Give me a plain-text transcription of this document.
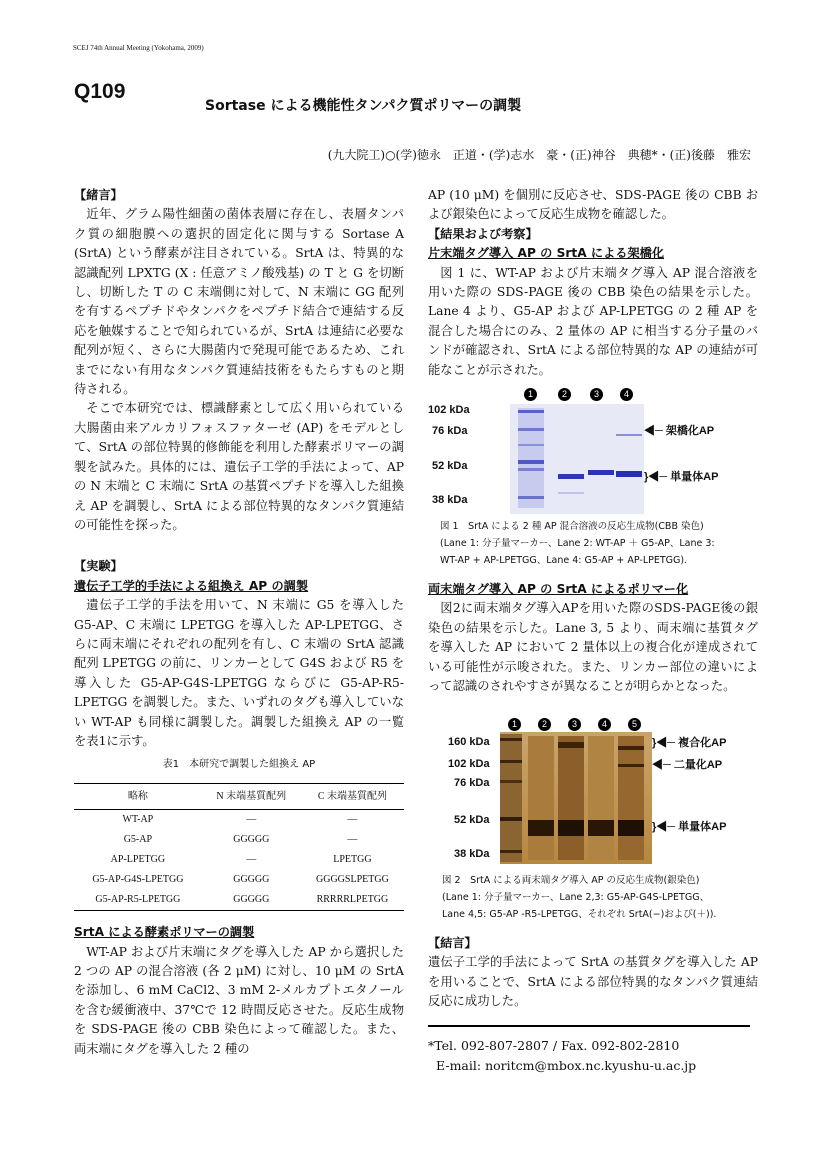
SCEJ 74th Annual Meeting (Yokohama, 2009)
Q109
Sortase による機能性タンパク質ポリマーの調製
(九大院工)○(学)徳永　正道・(学)志水　豪・(正)神谷　典穂*・(正)後藤　雅宏

【緒言】

近年、グラム陽性細菌の菌体表層に存在し、表層タンパク質の細胞膜への選択的固定化に関与する Sortase A (SrtA) という酵素が注目されている。SrtA は、特異的な認識配列 LPXTG (X : 任意アミノ酸残基) の T と G を切断し、切断した T の C 末端側に対して、N 末端に GG 配列を有するペプチドやタンパクをペプチド結合で連結する反応を触媒することで知られているが、SrtA は連結に必要な配列が短く、さらに大腸菌内で発現可能であるため、これまでにない有用なタンパク質連結技術をもたらすものと期待される。

そこで本研究では、標識酵素として広く用いられている大腸菌由来アルカリフォスファターゼ (AP) をモデルとして、SrtA の部位特異的修飾能を利用した酵素ポリマーの調製を試みた。具体的には、遺伝子工学的手法によって、AP の N 末端と C 末端に SrtA の基質ペプチドを導入した組換え AP を調製し、SrtA による部位特異的なタンパク質連結の可能性を探った。

【実験】

遺伝子工学的手法による組換え AP の調製

遺伝子工学的手法を用いて、N 末端に G5 を導入した G5-AP、C 末端に LPETGG を導入した AP-LPETGG、さらに両末端にそれぞれの配列を有し、C 末端の SrtA 認識配列 LPETGG の前に、リンカーとして G4S および R5 を導入した G5-AP-G4S-LPETGG ならびに G5-AP-R5-LPETGG を調製した。また、いずれのタグも導入していない WT-AP も同様に調製した。調製した組換え AP の一覧を表1に示す。

表1　本研究で調製した組換え AP
略称	N 末端基質配列	C 末端基質配列
WT-AP	—	—
G5-AP	GGGGG	—
AP-LPETGG	—	LPETGG
G5-AP-G4S-LPETGG	GGGGG	GGGGSLPETGG
G5-AP-R5-LPETGG	GGGGG	RRRRRLPETGG

SrtA による酵素ポリマーの調製

WT-AP および片末端にタグを導入した AP から選択した 2 つの AP の混合溶液 (各 2 μM) に対し、10 μM の SrtA を添加し、6 mM CaCl2、3 mM 2-メルカプトエタノールを含む緩衝液中、37℃で 12 時間反応させた。反応生成物を SDS-PAGE 後の CBB 染色によって確認した。また、両末端にタグを導入した 2 種の

AP (10 μM) を個別に反応させ、SDS-PAGE 後の CBB および銀染色によって反応生成物を確認した。

【結果および考察】

片末端タグ導入 AP の SrtA による架橋化

図 1 に、WT-AP および片末端タグ導入 AP 混合溶液を用いた際の SDS-PAGE 後の CBB 染色の結果を示した。Lane 4 より、G5-AP および AP-LPETGG の 2 種 AP を混合した場合にのみ、2 量体の AP に相当する分子量のバンドが確認され、SrtA による部位特異的な AP の連結が可能なことが示された。

1	2	3	4
102 kDa
76 kDa
52 kDa
38 kDa
◀─ 架橋化AP
}◀─ 単量体AP

図 1　SrtA による 2 種 AP 混合溶液の反応生成物(CBB 染色)

(Lane 1: 分子量マーカー、Lane 2: WT-AP ＋ G5-AP、Lane 3:

WT-AP + AP-LPETGG、Lane 4: G5-AP + AP-LPETGG).

両末端タグ導入 AP の SrtA によるポリマー化

図2に両末端タグ導入APを用いた際のSDS-PAGE後の銀染色の結果を示した。Lane 3, 5 より、両末端に基質タグを導入した AP において 2 量体以上の複合化が達成されている可能性が示唆された。また、リンカー部位の違いによって認識のされやすさが異なることが明らかとなった。

1	2	3	4	5
160 kDa
102 kDa
76 kDa
52 kDa
38 kDa
}◀─ 複合化AP
◀─ 二量化AP
}◀─ 単量体AP

図 2　SrtA による両末端タグ導入 AP の反応生成物(銀染色)

(Lane 1: 分子量マーカー、Lane 2,3: G5-AP-G4S-LPETGG、

Lane 4,5: G5-AP -R5-LPETGG、それぞれ SrtA(−)および(＋)).

【結言】

遺伝子工学的手法によって SrtA の基質タグを導入した AP を用いることで、SrtA による部位特異的なタンパク質連結反応に成功した。

*Tel. 092-807-2807 / Fax. 092-802-2810
E-mail: noritcm@mbox.nc.kyushu-u.ac.jp
